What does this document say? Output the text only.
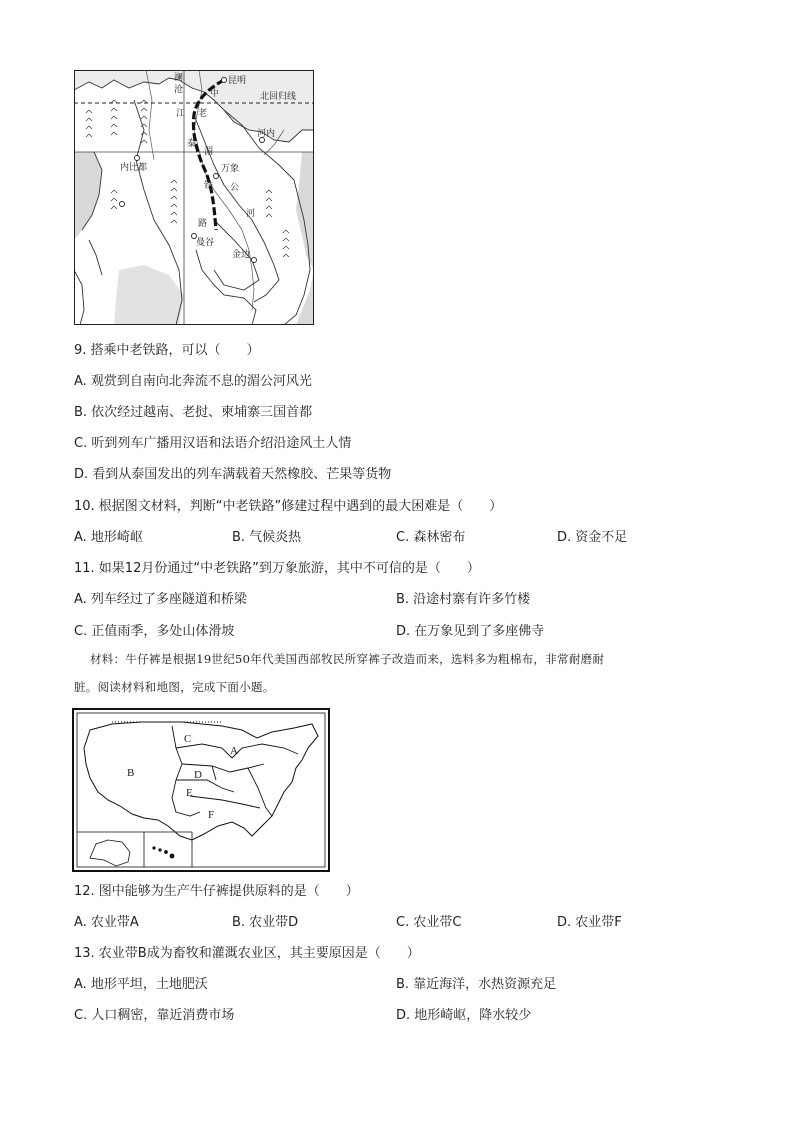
昆明
北回归线
河内
内比都	万象
曼谷
金边
澜
沧
江
湄
公
河
中
老
泰
铁
路
9. 搭乘中老铁路，可以（　　）
A. 观赏到自南向北奔流不息的湄公河风光
B. 依次经过越南、老挝、柬埔寨三国首都
C. 听到列车广播用汉语和法语介绍沿途风土人情
D. 看到从泰国发出的列车满载着天然橡胶、芒果等货物
10. 根据图文材料，判断“中老铁路”修建过程中遇到的最大困难是（　　）
A. 地形崎岖	B. 气候炎热	C. 森林密布	D. 资金不足
11. 如果12月份通过“中老铁路”到万象旅游，其中不可信的是（　　）
A. 列车经过了多座隧道和桥梁	B. 沿途村寨有许多竹楼
C. 正值雨季，多处山体滑坡	D. 在万象见到了多座佛寺
材料：牛仔裤是根据19世纪50年代美国西部牧民所穿裤子改造而来，选料多为粗棉布，非常耐磨耐
脏。阅读材料和地图，完成下面小题。
A
B
C
D
E
F
12. 图中能够为生产牛仔裤提供原料的是（　　）
A. 农业带A	B. 农业带D	C. 农业带C	D. 农业带F
13. 农业带B成为畜牧和灌溉农业区，其主要原因是（　　）
A. 地形平坦，土地肥沃	B. 靠近海洋，水热资源充足
C. 人口稠密，靠近消费市场	D. 地形崎岖，降水较少
